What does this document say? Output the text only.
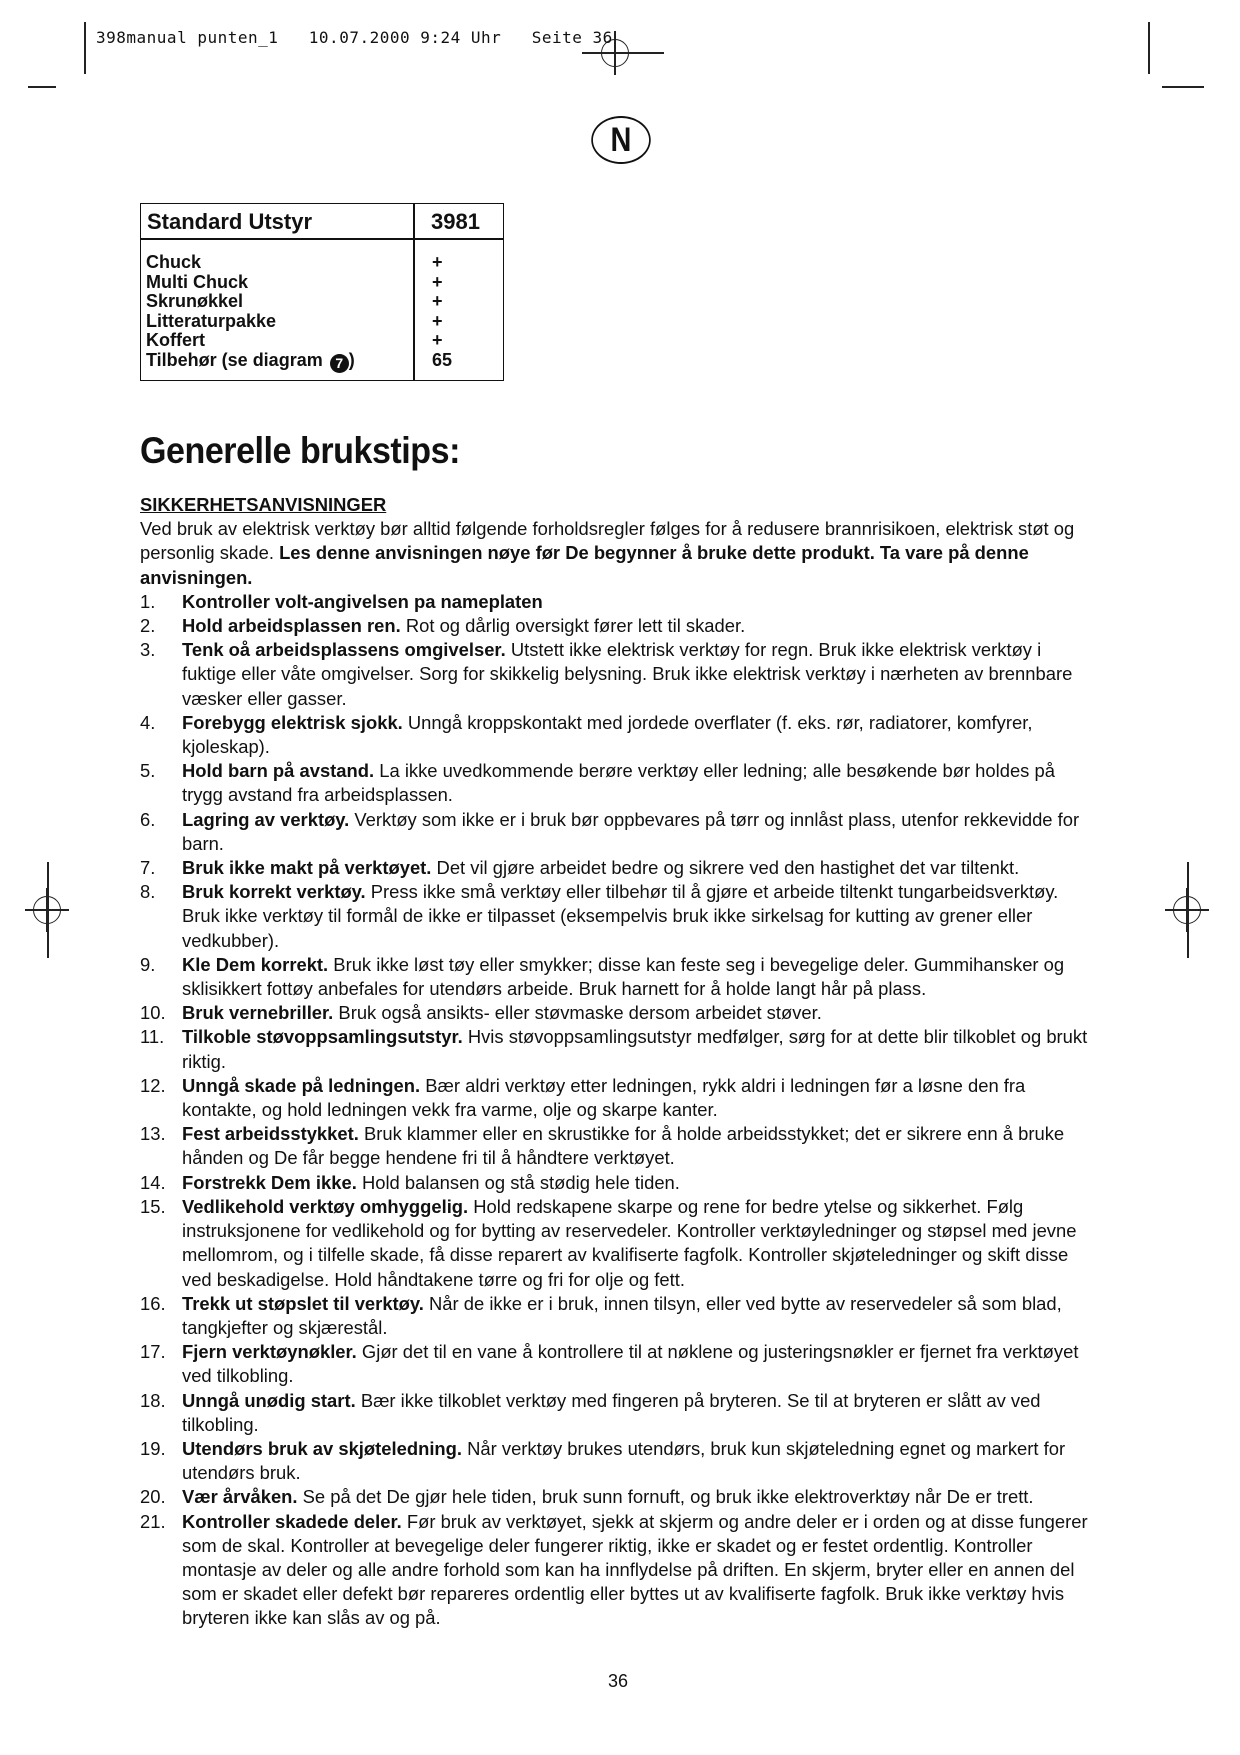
398manual punten_1   10.07.2000 9:24 Uhr   Seite 36
N
Standard Utstyr	3981
Chuck
Multi Chuck
Skrunøkkel
Litteraturpakke
Koffert
Tilbehør (se diagram 7 )
+
+
+
+
+
65
Generelle brukstips:
SIKKERHETSANVISNINGER

Ved bruk av elektrisk verktøy bør alltid følgende forholdsregler følges for å redusere brannrisikoen, elektrisk støt og personlig skade. Les denne anvisningen nøye før De begynner å bruke dette produkt. Ta vare på denne anvisningen.

1. Kontroller volt-angivelsen pa nameplaten
2. Hold arbeidsplassen ren. Rot og dårlig oversigkt fører lett til skader.
3. Tenk oå arbeidsplassens omgivelser. Utstett ikke elektrisk verktøy for regn. Bruk ikke elektrisk verktøy i fuktige eller våte omgivelser. Sorg for skikkelig belysning. Bruk ikke elektrisk verktøy i nærheten av brennbare væsker eller gasser.
4. Forebygg elektrisk sjokk. Unngå kroppskontakt med jordede overflater (f. eks. rør, radiatorer, komfyrer, kjoleskap).
5. Hold barn på avstand. La ikke uvedkommende berøre verktøy eller ledning; alle besøkende bør holdes på trygg avstand fra arbeidsplassen.
6. Lagring av verktøy. Verktøy som ikke er i bruk bør oppbevares på tørr og innlåst plass, utenfor rekkevidde for barn.
7. Bruk ikke makt på verktøyet. Det vil gjøre arbeidet bedre og sikrere ved den hastighet det var tiltenkt.
8. Bruk korrekt verktøy. Press ikke små verktøy eller tilbehør til å gjøre et arbeide tiltenkt tungarbeidsverktøy. Bruk ikke verktøy til formål de ikke er tilpasset (eksempelvis bruk ikke sirkelsag for kutting av grener eller vedkubber).
9. Kle Dem korrekt. Bruk ikke løst tøy eller smykker; disse kan feste seg i bevegelige deler. Gummihansker og sklisikkert fottøy anbefales for utendørs arbeide. Bruk harnett for å holde langt hår på plass.
10. Bruk vernebriller. Bruk også ansikts- eller støvmaske dersom arbeidet støver.
11. Tilkoble støvoppsamlingsutstyr. Hvis støvoppsamlingsutstyr medfølger, sørg for at dette blir tilkoblet og brukt riktig.
12. Unngå skade på ledningen. Bær aldri verktøy etter ledningen, rykk aldri i ledningen før a løsne den fra kontakte, og hold ledningen vekk fra varme, olje og skarpe kanter.
13. Fest arbeidsstykket. Bruk klammer eller en skrustikke for å holde arbeidsstykket; det er sikrere enn å bruke hånden og De får begge hendene fri til å håndtere verktøyet.
14. Forstrekk Dem ikke. Hold balansen og stå stødig hele tiden.
15. Vedlikehold verktøy omhyggelig. Hold redskapene skarpe og rene for bedre ytelse og sikkerhet. Følg instruksjonene for vedlikehold og for bytting av reservedeler. Kontroller verktøyledninger og støpsel med jevne mellomrom, og i tilfelle skade, få disse reparert av kvalifiserte fagfolk. Kontroller skjøteledninger og skift disse ved beskadigelse. Hold håndtakene tørre og fri for olje og fett.
16. Trekk ut støpslet til verktøy. Når de ikke er i bruk, innen tilsyn, eller ved bytte av reservedeler så som blad, tangkjefter og skjærestål.
17. Fjern verktøynøkler. Gjør det til en vane å kontrollere til at nøklene og justeringsnøkler er fjernet fra verktøyet ved tilkobling.
18. Unngå unødig start. Bær ikke tilkoblet verktøy med fingeren på bryteren. Se til at bryteren er slått av ved tilkobling.
19. Utendørs bruk av skjøteledning. Når verktøy brukes utendørs, bruk kun skjøteledning egnet og markert for utendørs bruk.
20. Vær årvåken. Se på det De gjør hele tiden, bruk sunn fornuft, og bruk ikke elektroverktøy når De er trett.
21. Kontroller skadede deler. Før bruk av verktøyet, sjekk at skjerm og andre deler er i orden og at disse fungerer som de skal. Kontroller at bevegelige deler fungerer riktig, ikke er skadet og er festet ordentlig. Kontroller montasje av deler og alle andre forhold som kan ha innflydelse på driften. En skjerm, bryter eller en annen del som er skadet eller defekt bør repareres ordentlig eller byttes ut av kvalifiserte fagfolk. Bruk ikke verktøy hvis bryteren ikke kan slås av og på.
36
